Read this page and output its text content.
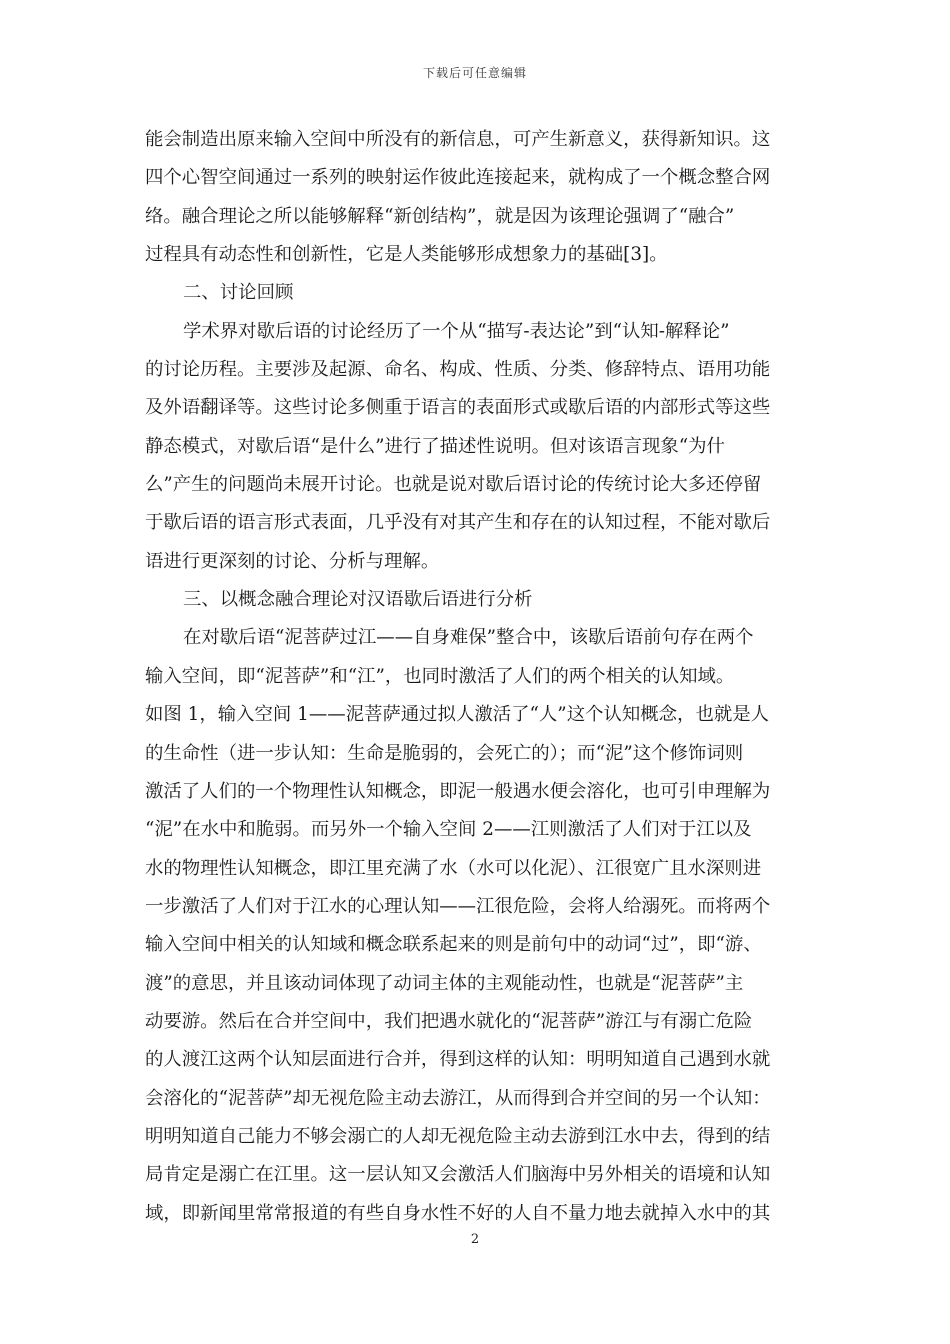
下载后可任意编辑
能会制造出原来输入空间中所没有的新信息，可产生新意义，获得新知识。这
四个心智空间通过一系列的映射运作彼此连接起来，就构成了一个概念整合网
络。融合理论之所以能够解释“新创结构”，就是因为该理论强调了“融合”
过程具有动态性和创新性，它是人类能够形成想象力的基础[3]。
二、讨论回顾
学术界对歇后语的讨论经历了一个从“描写-表达论”到“认知-解释论”
的讨论历程。主要涉及起源、命名、构成、性质、分类、修辞特点、语用功能
及外语翻译等。这些讨论多侧重于语言的表面形式或歇后语的内部形式等这些
静态模式，对歇后语“是什么”进行了描述性说明。但对该语言现象“为什
么”产生的问题尚未展开讨论。也就是说对歇后语讨论的传统讨论大多还停留
于歇后语的语言形式表面，几乎没有对其产生和存在的认知过程，不能对歇后
语进行更深刻的讨论、分析与理解。
三、以概念融合理论对汉语歇后语进行分析
在对歇后语“泥菩萨过江——自身难保”整合中，该歇后语前句存在两个
输入空间，即“泥菩萨”和“江”，也同时激活了人们的两个相关的认知域。
如图 1，输入空间 1——泥菩萨通过拟人激活了“人”这个认知概念，也就是人
的生命性（进一步认知：生命是脆弱的，会死亡的）；而“泥”这个修饰词则
激活了人们的一个物理性认知概念，即泥一般遇水便会溶化，也可引申理解为
“泥”在水中和脆弱。而另外一个输入空间 2——江则激活了人们对于江以及
水的物理性认知概念，即江里充满了水（水可以化泥）、江很宽广且水深则进
一步激活了人们对于江水的心理认知——江很危险，会将人给溺死。而将两个
输入空间中相关的认知域和概念联系起来的则是前句中的动词“过”，即“游、
渡”的意思，并且该动词体现了动词主体的主观能动性，也就是“泥菩萨”主
动要游。然后在合并空间中，我们把遇水就化的“泥菩萨”游江与有溺亡危险
的人渡江这两个认知层面进行合并，得到这样的认知：明明知道自己遇到水就
会溶化的“泥菩萨”却无视危险主动去游江，从而得到合并空间的另一个认知：
明明知道自己能力不够会溺亡的人却无视危险主动去游到江水中去，得到的结
局肯定是溺亡在江里。这一层认知又会激活人们脑海中另外相关的语境和认知
域，即新闻里常常报道的有些自身水性不好的人自不量力地去就掉入水中的其
2
